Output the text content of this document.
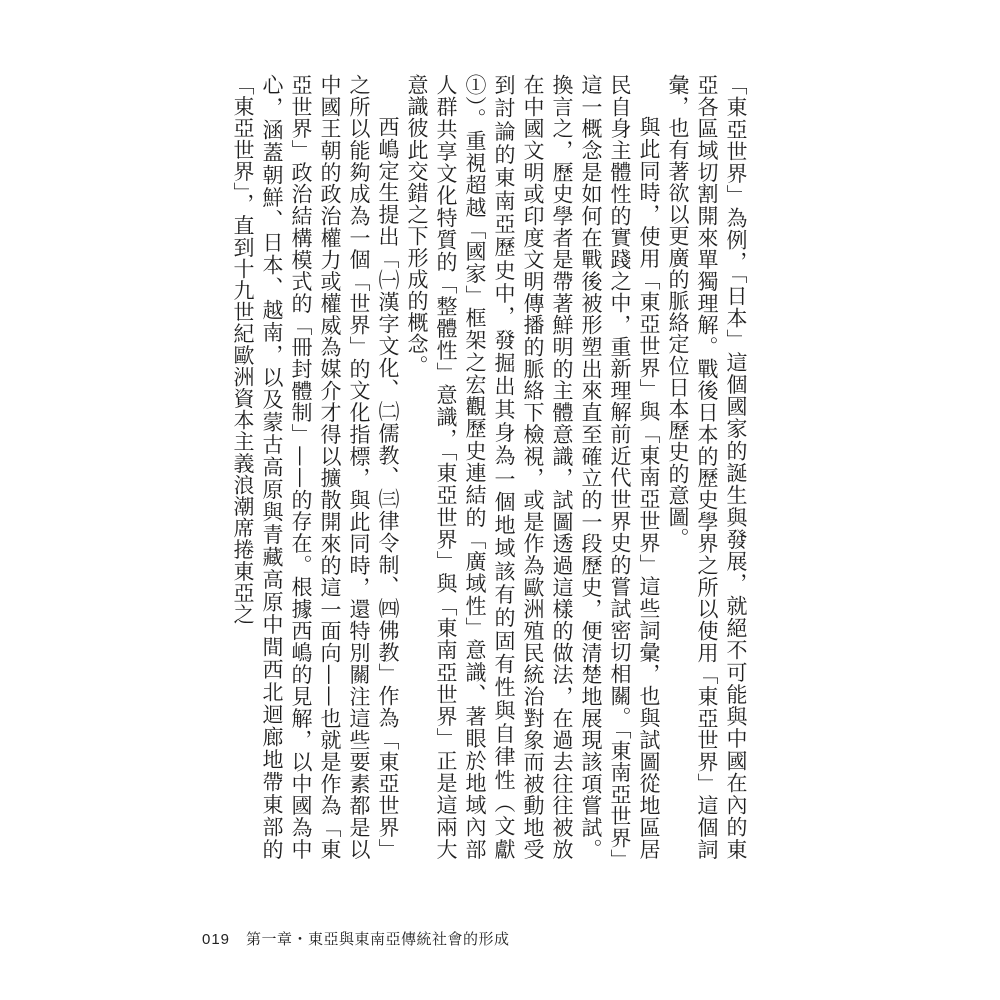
「東亞世界」為例，「日本」這個國家的誕生與發展，就絕不可能與中國在內的東亞各區域切割開來單獨理解。戰後日本的歷史學界之所以使用「東亞世界」這個詞彙，也有著欲以更廣的脈絡定位日本歷史的意圖。

與此同時，使用「東亞世界」與「東南亞世界」這些詞彙，也與試圖從地區居民自身主體性的實踐之中，重新理解前近代世界史的嘗試密切相關。「東南亞世界」這一概念是如何在戰後被形塑出來直至確立的一段歷史，便清楚地展現該項嘗試。換言之，歷史學者是帶著鮮明的主體意識，試圖透過這樣的做法，在過去往往被放在中國文明或印度文明傳播的脈絡下檢視，或是作為歐洲殖民統治對象而被動地受到討論的東南亞歷史中，發掘出其身為一個地域該有的固有性與自律性（文獻①）。重視超越「國家」框架之宏觀歷史連結的「廣域性」意識、著眼於地域內部人群共享文化特質的「整體性」意識，「東亞世界」與「東南亞世界」正是這兩大意識彼此交錯之下形成的概念。

西嶋定生提出「㈠漢字文化、㈡儒教、㈢律令制、㈣佛教」作為「東亞世界」之所以能夠成為一個「世界」的文化指標，與此同時，還特別關注這些要素都是以中國王朝的政治權力或權威為媒介才得以擴散開來的這一面向——也就是作為「東亞世界」政治結構模式的「冊封體制」——的存在。根據西嶋的見解，以中國為中心，涵蓋朝鮮、日本、越南，以及蒙古高原與青藏高原中間西北迴廊地帶東部的「東亞世界」，直到十九世紀歐洲資本主義浪潮席捲東亞之

019 第一章・東亞與東南亞傳統社會的形成
